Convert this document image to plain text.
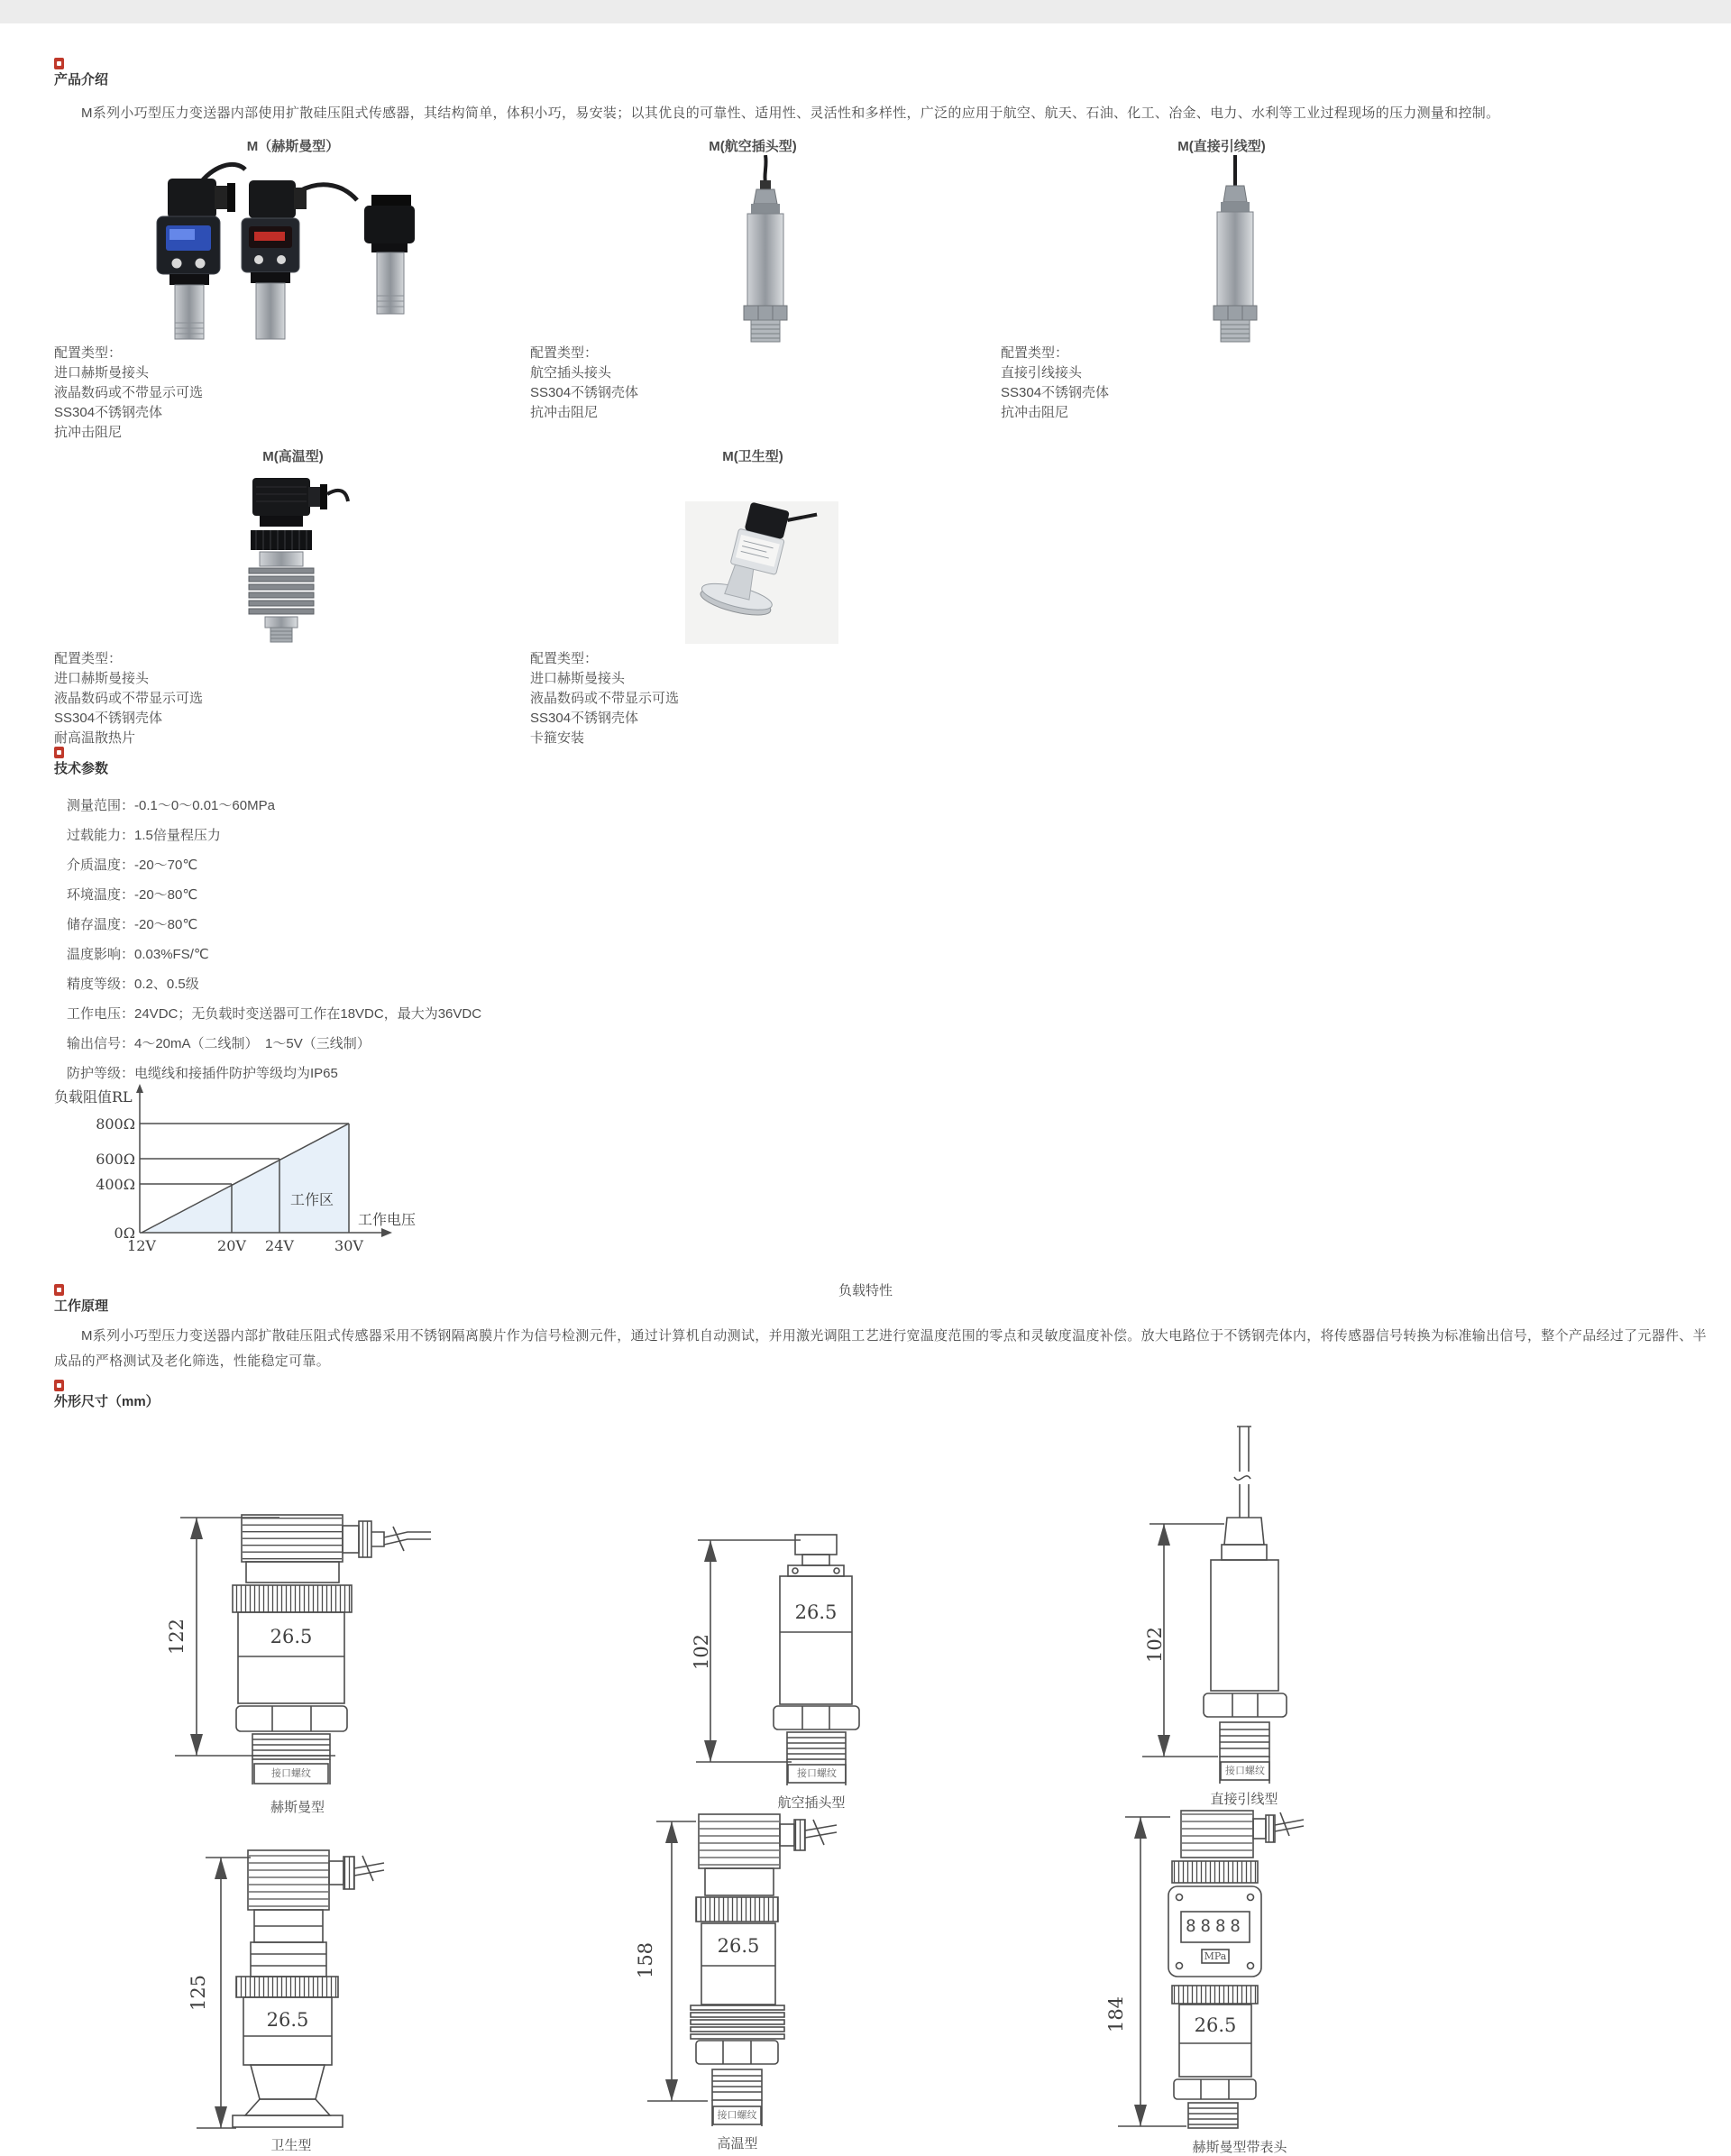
产品介绍
M系列小巧型压力变送器内部使用扩散硅压阻式传感器，其结构简单，体积小巧，易安装；以其优良的可靠性、适用性、灵活性和多样性，广泛的应用于航空、航天、石油、化工、冶金、电力、水利等工业过程现场的压力测量和控制。
M（赫斯曼型）	M(航空插头型)	M(直接引线型)
配置类型：
进口赫斯曼接头
液晶数码或不带显示可选
SS304不锈钢壳体
抗冲击阻尼
配置类型：
航空插头接头
SS304不锈钢壳体
抗冲击阻尼
配置类型：
直接引线接头
SS304不锈钢壳体
抗冲击阻尼
M(高温型)	M(卫生型)
配置类型：
进口赫斯曼接头
液晶数码或不带显示可选
SS304不锈钢壳体
耐高温散热片
配置类型：
进口赫斯曼接头
液晶数码或不带显示可选
SS304不锈钢壳体
卡箍安装
技术参数
测量范围：-0.1～0～0.01～60MPa
过载能力：1.5倍量程压力
介质温度：-20～70℃
环境温度：-20～80℃
储存温度：-20～80℃
温度影响：0.03%FS/℃
精度等级：0.2、0.5级
工作电压：24VDC；无负载时变送器可工作在18VDC，最大为36VDC
输出信号：4～20mA（二线制）　1～5V（三线制）
防护等级：电缆线和接插件防护等级均为IP65
负载阻值RL
800Ω
600Ω
400Ω
0Ω
12V	20V	24V	30V
工作区
工作电压
负载特性
工作原理
M系列小巧型压力变送器内部扩散硅压阻式传感器采用不锈钢隔离膜片作为信号检测元件，通过计算机自动测试，并用激光调阻工艺进行宽温度范围的零点和灵敏度温度补偿。放大电路位于不锈钢壳体内，将传感器信号转换为标准输出信号，整个产品经过了元器件、半成品的严格测试及老化筛选，性能稳定可靠。
外形尺寸（mm）
122	26.5
接口螺纹
赫斯曼型
102
26.5
接口螺纹
航空插头型
102
接口螺纹
直接引线型
125
26.5
卫生型
158	26.5
接口螺纹
高温型
184
8888
MPa
26.5
赫斯曼型带表头
